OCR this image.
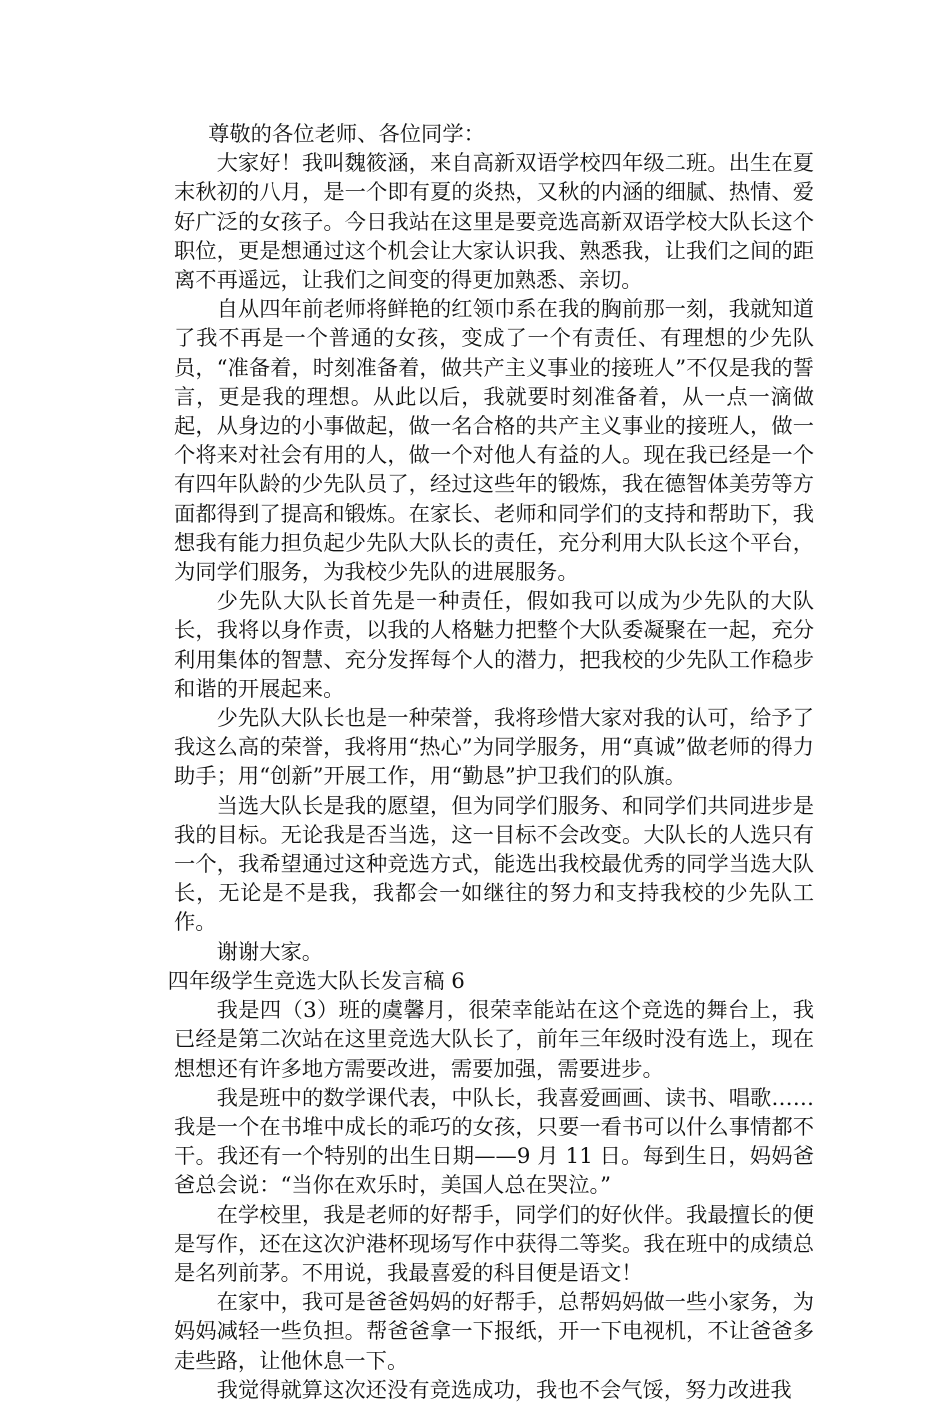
尊敬的各位老师、各位同学：

大家好！我叫魏筱涵，来自高新双语学校四年级二班。出生在夏末秋初的八月，是一个即有夏的炎热，又秋的内涵的细腻、热情、爱好广泛的女孩子。今日我站在这里是要竞选高新双语学校大队长这个职位，更是想通过这个机会让大家认识我、熟悉我，让我们之间的距离不再遥远，让我们之间变的得更加熟悉、亲切。

自从四年前老师将鲜艳的红领巾系在我的胸前那一刻，我就知道了我不再是一个普通的女孩，变成了一个有责任、有理想的少先队员，“准备着，时刻准备着，做共产主义事业的接班人”不仅是我的誓言，更是我的理想。从此以后，我就要时刻准备着，从一点一滴做起，从身边的小事做起，做一名合格的共产主义事业的接班人，做一个将来对社会有用的人，做一个对他人有益的人。现在我已经是一个有四年队龄的少先队员了，经过这些年的锻炼，我在德智体美劳等方面都得到了提高和锻炼。在家长、老师和同学们的支持和帮助下，我想我有能力担负起少先队大队长的责任，充分利用大队长这个平台，为同学们服务，为我校少先队的进展服务。

少先队大队长首先是一种责任，假如我可以成为少先队的大队长，我将以身作责，以我的人格魅力把整个大队委凝聚在一起，充分利用集体的智慧、充分发挥每个人的潜力，把我校的少先队工作稳步和谐的开展起来。

少先队大队长也是一种荣誉，我将珍惜大家对我的认可，给予了我这么高的荣誉，我将用“热心”为同学服务，用“真诚”做老师的得力助手；用“创新”开展工作，用“勤恳”护卫我们的队旗。

当选大队长是我的愿望，但为同学们服务、和同学们共同进步是我的目标。无论我是否当选，这一目标不会改变。大队长的人选只有一个，我希望通过这种竞选方式，能选出我校最优秀的同学当选大队长，无论是不是我，我都会一如继往的努力和支持我校的少先队工作。

谢谢大家。

四年级学生竞选大队长发言稿 6

我是四（3）班的虞馨月，很荣幸能站在这个竞选的舞台上，我已经是第二次站在这里竞选大队长了，前年三年级时没有选上，现在想想还有许多地方需要改进，需要加强，需要进步。

我是班中的数学课代表，中队长，我喜爱画画、读书、唱歌……我是一个在书堆中成长的乖巧的女孩，只要一看书可以什么事情都不干。我还有一个特别的出生日期——9 月 11 日。每到生日，妈妈爸爸总会说：“当你在欢乐时，美国人总在哭泣。”

在学校里，我是老师的好帮手，同学们的好伙伴。我最擅长的便是写作，还在这次沪港杯现场写作中获得二等奖。我在班中的成绩总是名列前茅。不用说，我最喜爱的科目便是语文！

在家中，我可是爸爸妈妈的好帮手，总帮妈妈做一些小家务，为妈妈减轻一些负担。帮爸爸拿一下报纸，开一下电视机，不让爸爸多走些路，让他休息一下。

我觉得就算这次还没有竞选成功，我也不会气馁，努力改进我
